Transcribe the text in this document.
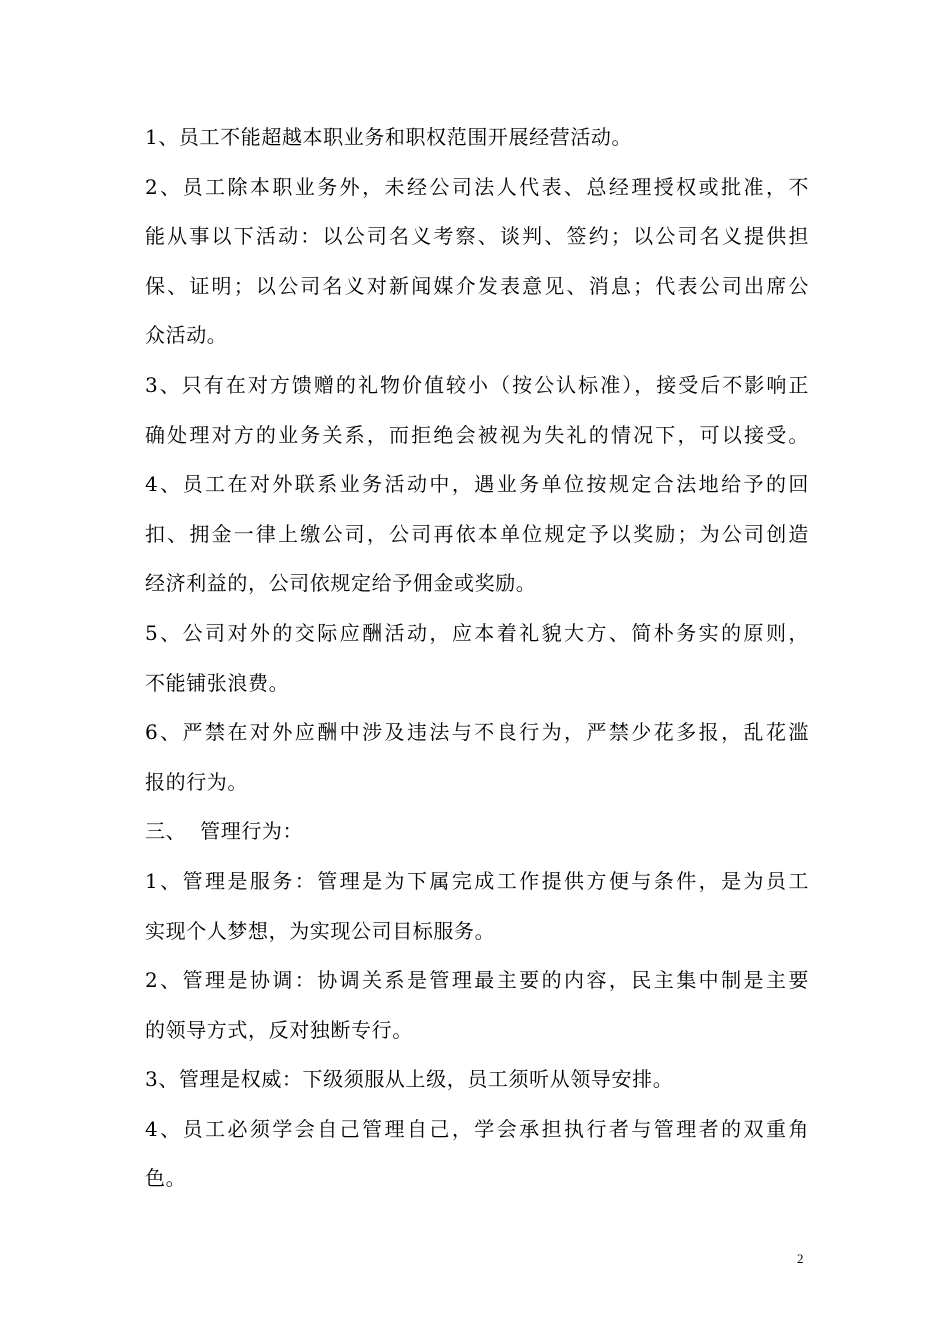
1、员工不能超越本职业务和职权范围开展经营活动。
2、员工除本职业务外，未经公司法人代表、总经理授权或批准，不
能从事以下活动：以公司名义考察、谈判、签约；以公司名义提供担
保、证明；以公司名义对新闻媒介发表意见、消息；代表公司出席公
众活动。
3、只有在对方馈赠的礼物价值较小（按公认标准），接受后不影响正
确处理对方的业务关系，而拒绝会被视为失礼的情况下，可以接受。
4、员工在对外联系业务活动中，遇业务单位按规定合法地给予的回
扣、拥金一律上缴公司，公司再依本单位规定予以奖励；为公司创造
经济利益的，公司依规定给予佣金或奖励。
5、公司对外的交际应酬活动，应本着礼貌大方、简朴务实的原则，
不能铺张浪费。
6、严禁在对外应酬中涉及违法与不良行为，严禁少花多报，乱花滥
报的行为。
三、  管理行为：
1、管理是服务：管理是为下属完成工作提供方便与条件，是为员工
实现个人梦想，为实现公司目标服务。
2、管理是协调：协调关系是管理最主要的内容，民主集中制是主要
的领导方式，反对独断专行。
3、管理是权威：下级须服从上级，员工须听从领导安排。
4、员工必须学会自己管理自己，学会承担执行者与管理者的双重角
色。
2
